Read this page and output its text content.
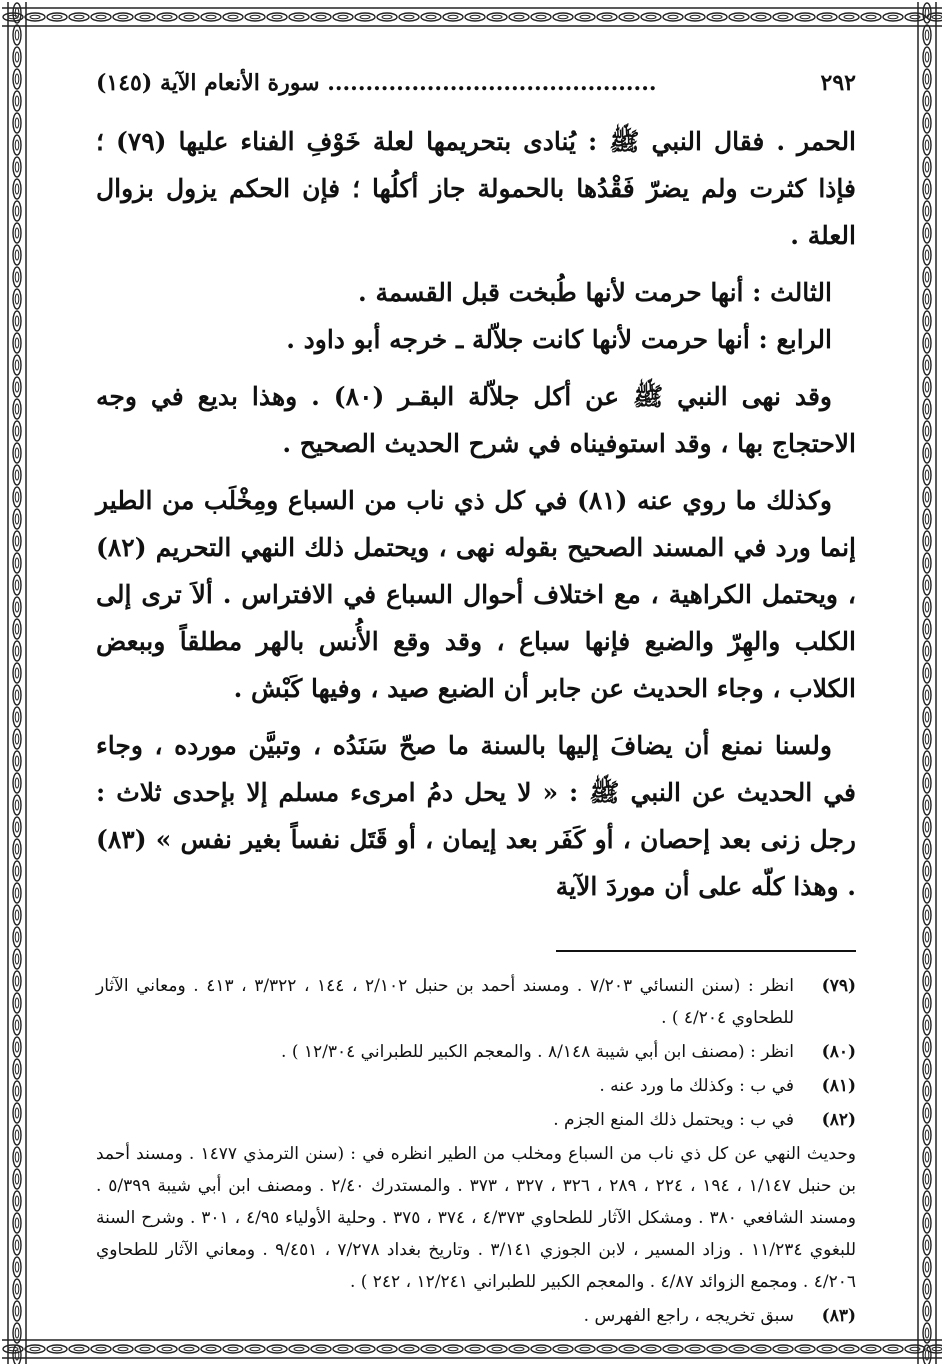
٢٩٢
........................................... سورة الأنعام الآية (١٤٥)

الحمر . فقال النبي ﷺ : يُنادى بتحريمها لعلة خَوْفِ الفناء عليها (٧٩) ؛ فإذا كثرت ولم يضرّ فَقْدُها بالحمولة جاز أكلُها ؛ فإن الحكم يزول بزوال العلة .

الثالث : أنها حرمت لأنها طُبخت قبل القسمة .

الرابع : أنها حرمت لأنها كانت جلاّلة ـ خرجه أبو داود .

وقد نهى النبي ﷺ عن أكل جلاّلة البقـر (٨٠) . وهذا بديع في وجه الاحتجاج بها ، وقد استوفيناه في شرح الحديث الصحيح .

وكذلك ما روي عنه (٨١) في كل ذي ناب من السباع ومِخْلَب من الطير إنما ورد في المسند الصحيح بقوله نهى ، ويحتمل ذلك النهي التحريم (٨٢) ، ويحتمل الكراهية ، مع اختلاف أحوال السباع في الافتراس . ألاَ ترى إلى الكلب والهِرّ والضبع فإنها سباع ، وقد وقع الأُنس بالهر مطلقاً وببعض الكلاب ، وجاء الحديث عن جابر أن الضبع صيد ، وفيها كَبْش .

ولسنا نمنع أن يضافَ إليها بالسنة ما صحّ سَنَدُه ، وتبيَّن مورده ، وجاء في الحديث عن النبي ﷺ : « لا يحل دمُ امرىء مسلم إلا بإحدى ثلاث : رجل زنى بعد إحصان ، أو كَفَر بعد إيمان ، أو قَتَل نفساً بغير نفس » (٨٣) . وهذا كلّه على أن موردَ الآية

(٧٩)
انظر : (سنن النسائي ٧/٢٠٣ . ومسند أحمد بن حنبل ٢/١٠٢ ، ١٤٤ ، ٣/٣٢٢ ، ٤١٣ . ومعاني الآثار للطحاوي ٤/٢٠٤ ) .
(٨٠)
انظر : (مصنف ابن أبي شيبة ٨/١٤٨ . والمعجم الكبير للطبراني ١٢/٣٠٤ ) .
(٨١)
في ب : وكذلك ما ورد عنه .
(٨٢)
في ب : ويحتمل ذلك المنع الجزم .
وحديث النهي عن كل ذي ناب من السباع ومخلب من الطير انظره في : (سنن الترمذي ١٤٧٧ . ومسند أحمد بن حنبل ١/١٤٧ ، ١٩٤ ، ٢٢٤ ، ٢٨٩ ، ٣٢٦ ، ٣٢٧ ، ٣٧٣ . والمستدرك ٢/٤٠ . ومصنف ابن أبي شيبة ٥/٣٩٩ . ومسند الشافعي ٣٨٠ . ومشكل الآثار للطحاوي ٤/٣٧٣ ، ٣٧٤ ، ٣٧٥ . وحلية الأولياء ٤/٩٥ ، ٣٠١ . وشرح السنة للبغوي ١١/٢٣٤ . وزاد المسير ، لابن الجوزي ٣/١٤١ . وتاريخ بغداد ٧/٢٧٨ ، ٩/٤٥١ . ومعاني الآثار للطحاوي ٤/٢٠٦ . ومجمع الزوائد ٤/٨٧ . والمعجم الكبير للطبراني ١٢/٢٤١ ، ٢٤٢ ) .
(٨٣)
سبق تخريجه ، راجع الفهرس .
